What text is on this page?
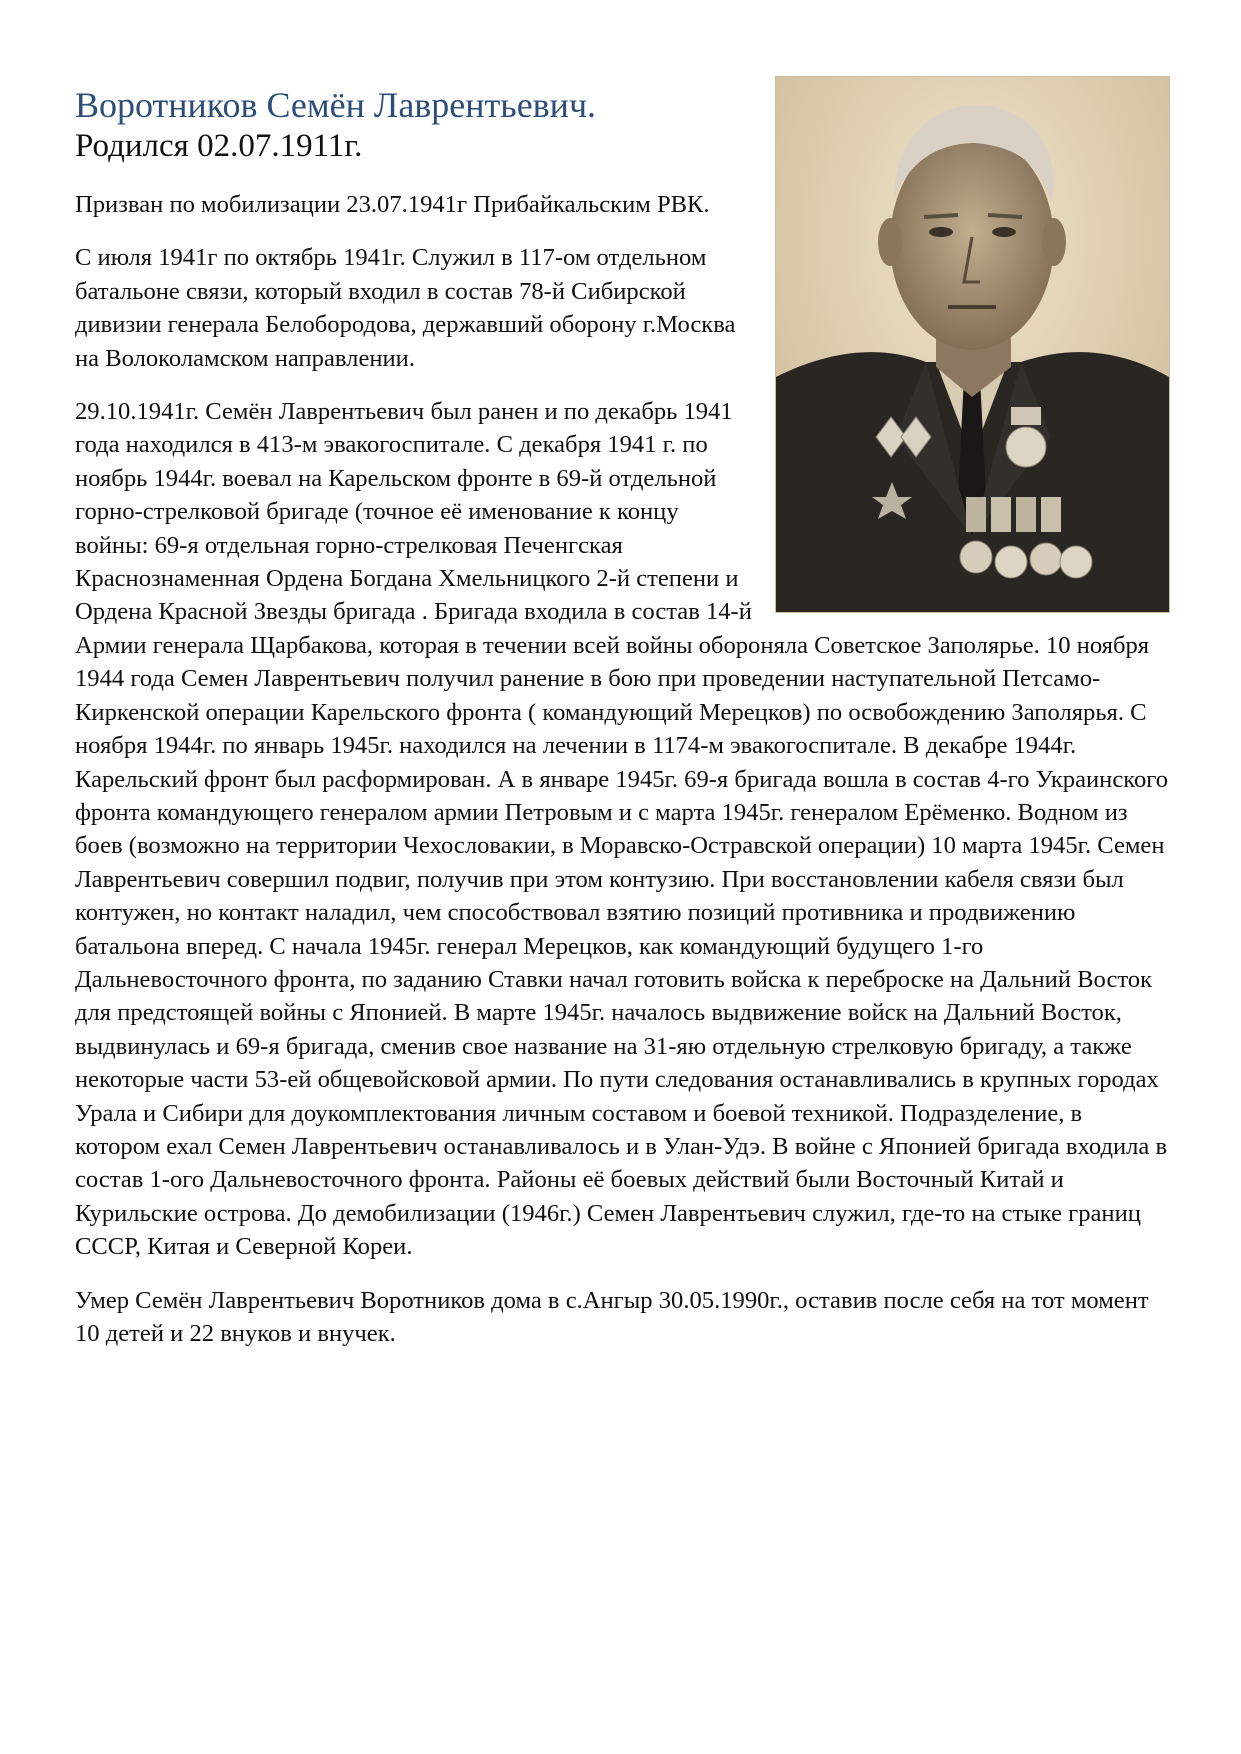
Воротников Семён Лаврентьевич.
Родился 02.07.1911г.

Призван по мобилизации 23.07.1941г Прибайкальским РВК.

С июля 1941г по октябрь 1941г. Служил в 117-ом отдельном батальоне связи, который входил в состав 78-й Сибирской дивизии генерала Белобородова, державший оборону г.Москва на Волоколамском направлении.

29.10.1941г. Семён Лаврентьевич был ранен и по декабрь 1941 года находился в 413-м эвакогоспитале. С декабря 1941 г. по ноябрь 1944г. воевал на Карельском фронте в 69-й отдельной горно-стрелковой бригаде (точное её именование к концу войны: 69-я отдельная горно-стрелковая Печенгская Краснознаменная Ордена Богдана Хмельницкого 2-й степени и Ордена Красной Звезды бригада . Бригада входила в состав 14-й Армии генерала Щарбакова, которая в течении всей войны обороняла Советское Заполярье. 10 ноября 1944 года Семен Лаврентьевич получил ранение в бою при проведении наступательной Петсамо-Киркенской операции Карельского фронта ( командующий Мерецков) по освобождению Заполярья. С ноября 1944г. по январь 1945г. находился на лечении в 1174-м эвакогоспитале. В декабре 1944г. Карельский фронт был расформирован. А в январе 1945г. 69-я бригада вошла в состав 4-го Украинского фронта командующего генералом армии Петровым и с марта 1945г. генералом Ерёменко. Водном из боев (возможно на территории Чехословакии, в Моравско-Остравской операции) 10 марта 1945г. Семен Лаврентьевич совершил подвиг, получив при этом контузию. При восстановлении кабеля связи был контужен, но контакт наладил, чем способствовал взятию позиций противника и продвижению батальона вперед. С начала 1945г. генерал Мерецков, как командующий будущего 1-го Дальневосточного фронта, по заданию Ставки начал готовить войска к переброске на Дальний Восток для предстоящей войны с Японией. В марте 1945г. началось выдвижение войск на Дальний Восток, выдвинулась и 69-я бригада, сменив свое название на 31-яю отдельную стрелковую бригаду, а также некоторые части 53-ей общевойсковой армии. По пути следования останавливались в крупных городах Урала и Сибири для доукомплектования личным составом и боевой техникой. Подразделение, в котором ехал Семен Лаврентьевич останавливалось и в Улан-Удэ. В войне с Японией бригада входила в состав 1-ого Дальневосточного фронта. Районы её боевых действий были Восточный Китай и Курильские острова. До демобилизации (1946г.) Семен Лаврентьевич служил, где-то на стыке границ СССР, Китая и Северной Кореи.

Умер Семён Лаврентьевич Воротников дома в с.Ангыр 30.05.1990г., оставив после себя на тот момент 10 детей и 22 внуков и внучек.
